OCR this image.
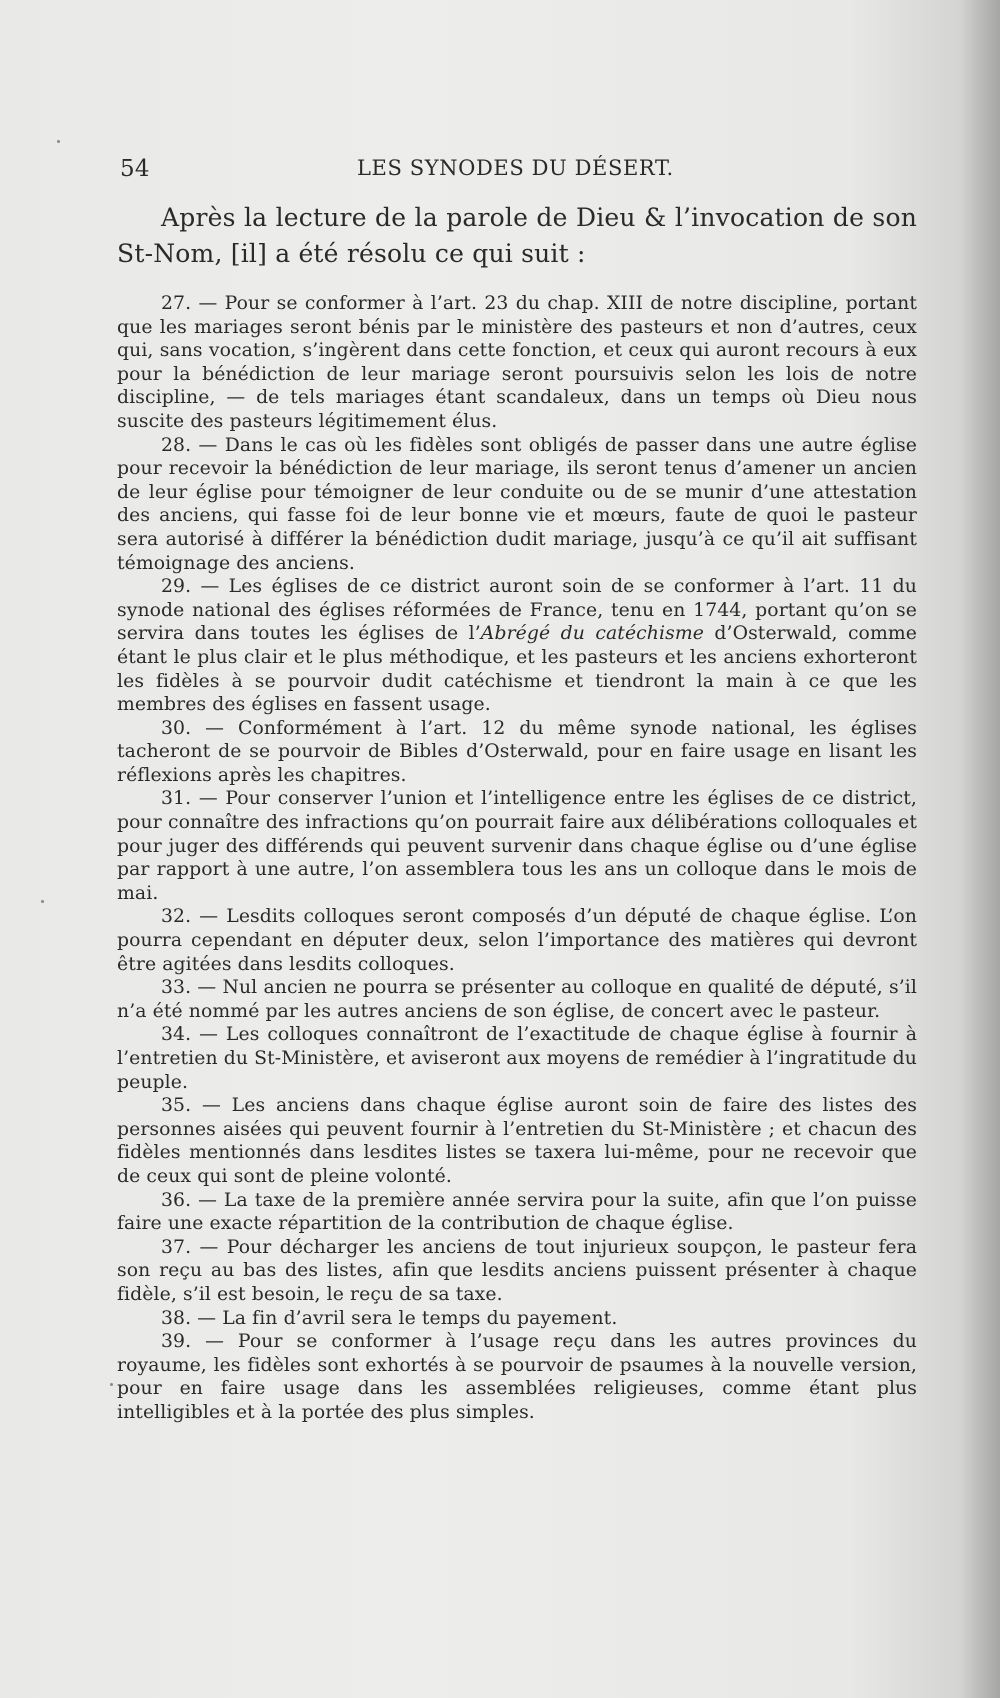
54	LES SYNODES DU DÉSERT.

Après la lecture de la parole de Dieu & l’invocation de son St-Nom, [il] a été résolu ce qui suit :

27. — Pour se conformer à l’art. 23 du chap. XIII de notre discipline, portant que les mariages seront bénis par le ministère des pasteurs et non d’autres, ceux qui, sans vocation, s’ingèrent dans cette fonction, et ceux qui auront recours à eux pour la bénédiction de leur mariage seront poursuivis selon les lois de notre discipline, — de tels mariages étant scandaleux, dans un temps où Dieu nous suscite des pasteurs légitimement élus.

28. — Dans le cas où les fidèles sont obligés de passer dans une autre église pour recevoir la bénédiction de leur mariage, ils seront tenus d’amener un ancien de leur église pour témoigner de leur conduite ou de se munir d’une attestation des anciens, qui fasse foi de leur bonne vie et mœurs, faute de quoi le pasteur sera autorisé à différer la bénédiction dudit mariage, jusqu’à ce qu’il ait suffisant témoignage des anciens.

29. — Les églises de ce district auront soin de se conformer à l’art. 11 du synode national des églises réformées de France, tenu en 1744, portant qu’on se servira dans toutes les églises de l’Abrégé du catéchisme d’Osterwald, comme étant le plus clair et le plus méthodique, et les pasteurs et les anciens exhorteront les fidèles à se pourvoir dudit catéchisme et tiendront la main à ce que les membres des églises en fassent usage.

30. — Conformément à l’art. 12 du même synode national, les églises tacheront de se pourvoir de Bibles d’Osterwald, pour en faire usage en lisant les réflexions après les chapitres.

31. — Pour conserver l’union et l’intelligence entre les églises de ce district, pour connaître des infractions qu’on pourrait faire aux délibérations colloquales et pour juger des différends qui peuvent survenir dans chaque église ou d’une église par rapport à une autre, l’on assemblera tous les ans un colloque dans le mois de mai.

32. — Lesdits colloques seront composés d’un député de chaque église. L’on pourra cependant en députer deux, selon l’importance des matières qui devront être agitées dans lesdits colloques.

33. — Nul ancien ne pourra se présenter au colloque en qualité de député, s’il n’a été nommé par les autres anciens de son église, de concert avec le pasteur.

34. — Les colloques connaîtront de l’exactitude de chaque église à fournir à l’entretien du St-Ministère, et aviseront aux moyens de remédier à l’ingratitude du peuple.

35. — Les anciens dans chaque église auront soin de faire des listes des personnes aisées qui peuvent fournir à l’entretien du St-Ministère ; et chacun des fidèles mentionnés dans lesdites listes se taxera lui-même, pour ne recevoir que de ceux qui sont de pleine volonté.

36. — La taxe de la première année servira pour la suite, afin que l’on puisse faire une exacte répartition de la contribution de chaque église.

37. — Pour décharger les anciens de tout injurieux soupçon, le pasteur fera son reçu au bas des listes, afin que lesdits anciens puissent présenter à chaque fidèle, s’il est besoin, le reçu de sa taxe.

38. — La fin d’avril sera le temps du payement.

39. — Pour se conformer à l’usage reçu dans les autres provinces du royaume, les fidèles sont exhortés à se pourvoir de psaumes à la nouvelle version, pour en faire usage dans les assemblées religieuses, comme étant plus intelligibles et à la portée des plus simples.
